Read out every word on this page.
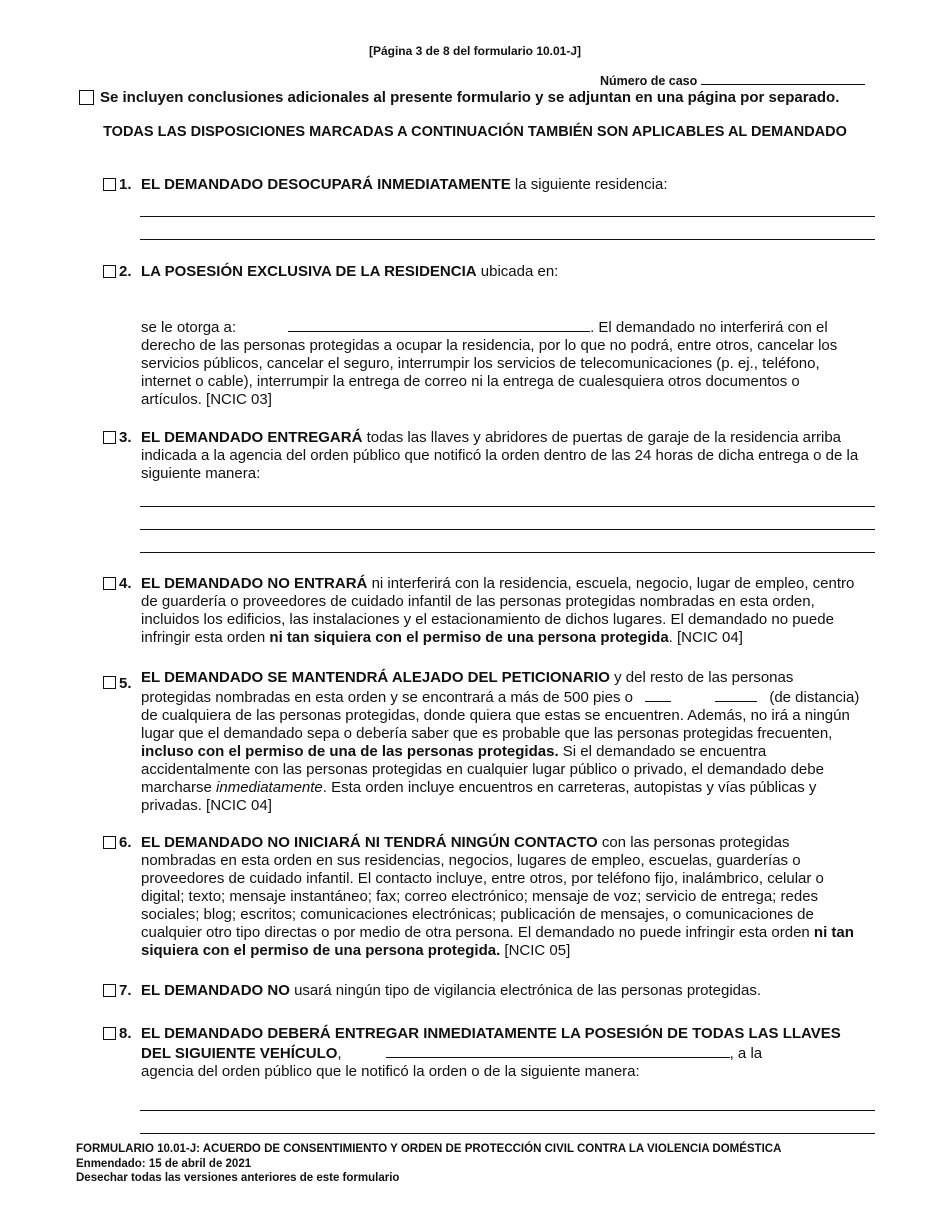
[Página 3 de 8 del formulario 10.01-J]
Número de caso
Se incluyen conclusiones adicionales al presente formulario y se adjuntan en una página por separado.
TODAS LAS DISPOSICIONES MARCADAS A CONTINUACIÓN TAMBIÉN SON APLICABLES AL DEMANDADO
1. EL DEMANDADO DESOCUPARÁ INMEDIATAMENTE la siguiente residencia:
2. LA POSESIÓN EXCLUSIVA DE LA RESIDENCIA ubicada en:
se le otorga a:	. El demandado no interferirá con el derecho de las personas protegidas a ocupar la residencia, por lo que no podrá, entre otros, cancelar los servicios públicos, cancelar el seguro, interrumpir los servicios de telecomunicaciones (p. ej., teléfono, internet o cable), interrumpir la entrega de correo ni la entrega de cualesquiera otros documentos o artículos. [NCIC 03]
3. EL DEMANDADO ENTREGARÁ todas las llaves y abridores de puertas de garaje de la residencia arriba indicada a la agencia del orden público que notificó la orden dentro de las 24 horas de dicha entrega o de la siguiente manera:
4. EL DEMANDADO NO ENTRARÁ ni interferirá con la residencia, escuela, negocio, lugar de empleo, centro de guardería o proveedores de cuidado infantil de las personas protegidas nombradas en esta orden, incluidos los edificios, las instalaciones y el estacionamiento de dichos lugares. El demandado no puede infringir esta orden ni tan siquiera con el permiso de una persona protegida. [NCIC 04]
5. EL DEMANDADO SE MANTENDRÁ ALEJADO DEL PETICIONARIO y del resto de las personas protegidas nombradas en esta orden y se encontrará a más de 500 pies o	(de distancia) de cualquiera de las personas protegidas, donde quiera que estas se encuentren. Además, no irá a ningún lugar que el demandado sepa o debería saber que es probable que las personas protegidas frecuenten, incluso con el permiso de una de las personas protegidas. Si el demandado se encuentra accidentalmente con las personas protegidas en cualquier lugar público o privado, el demandado debe marcharse inmediatamente. Esta orden incluye encuentros en carreteras, autopistas y vías públicas y privadas. [NCIC 04]
6. EL DEMANDADO NO INICIARÁ NI TENDRÁ NINGÚN CONTACTO con las personas protegidas nombradas en esta orden en sus residencias, negocios, lugares de empleo, escuelas, guarderías o proveedores de cuidado infantil. El contacto incluye, entre otros, por teléfono fijo, inalámbrico, celular o digital; texto; mensaje instantáneo; fax; correo electrónico; mensaje de voz; servicio de entrega; redes sociales; blog; escritos; comunicaciones electrónicas; publicación de mensajes, o comunicaciones de cualquier otro tipo directas o por medio de otra persona. El demandado no puede infringir esta orden ni tan siquiera con el permiso de una persona protegida. [NCIC 05]
7. EL DEMANDADO NO usará ningún tipo de vigilancia electrónica de las personas protegidas.
8. EL DEMANDADO DEBERÁ ENTREGAR INMEDIATAMENTE LA POSESIÓN DE TODAS LAS LLAVES DEL SIGUIENTE VEHÍCULO,	, a la
agencia del orden público que le notificó la orden o de la siguiente manera:
FORMULARIO 10.01-J: ACUERDO DE CONSENTIMIENTO Y ORDEN DE PROTECCIÓN CIVIL CONTRA LA VIOLENCIA DOMÉSTICA
Enmendado: 15 de abril de 2021
Desechar todas las versiones anteriores de este formulario
